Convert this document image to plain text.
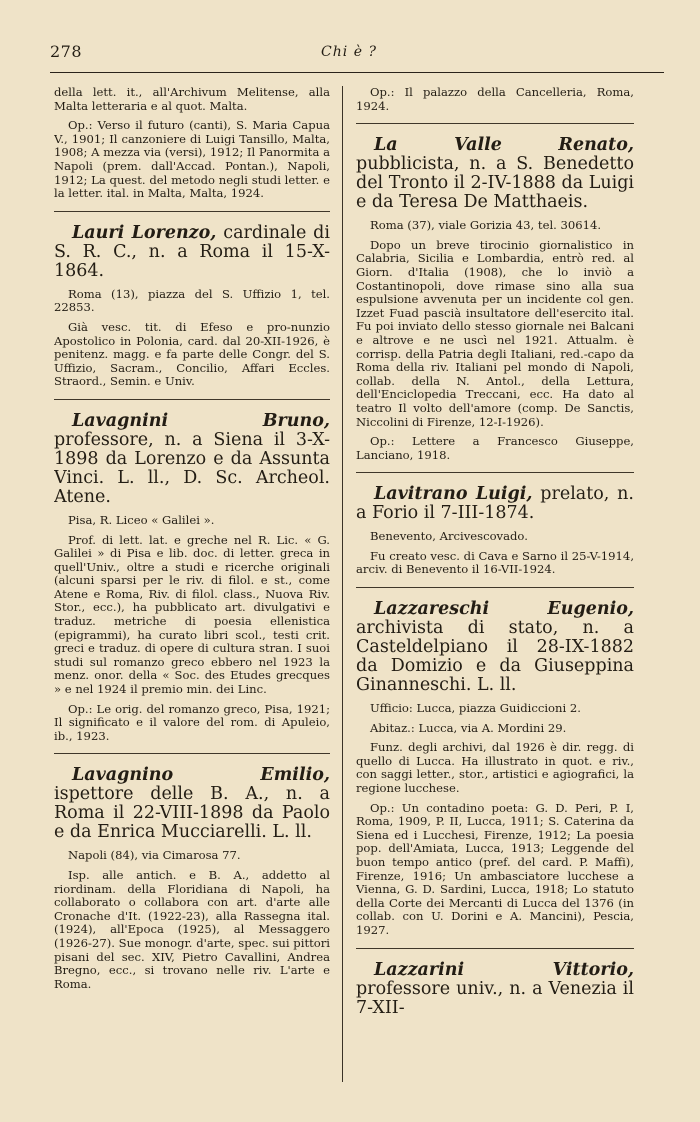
278	Chi è ?
della lett. it., all'Archivum Melitense, alla Malta letteraria e al quot. Malta.
Op.: Verso il futuro (canti), S. Maria Capua V., 1901; Il canzoniere di Luigi Tansillo, Malta, 1908; A mezza via (versi), 1912; Il Panormita a Napoli (prem. dall'Accad. Pontan.), Napoli, 1912; La quest. del metodo negli studi letter. e la letter. ital. in Malta, Malta, 1924.
Lauri Lorenzo, cardinale di S. R. C., n. a Roma il 15-X-1864.
Roma (13), piazza del S. Uffizio 1, tel. 22853.
Già vesc. tit. di Efeso e pro-nunzio Apostolico in Polonia, card. dal 20-XII-1926, è penitenz. magg. e fa parte delle Congr. del S. Uffizio, Sacram., Concilio, Affari Eccles. Straord., Semin. e Univ.
Lavagnini Bruno, professore, n. a Siena il 3-X-1898 da Lorenzo e da Assunta Vinci. L. ll., D. Sc. Archeol. Atene.
Pisa, R. Liceo « Galilei ».
Prof. di lett. lat. e greche nel R. Lic. « G. Galilei » di Pisa e lib. doc. di letter. greca in quell'Univ., oltre a studi e ricerche originali (alcuni sparsi per le riv. di filol. e st., come Atene e Roma, Riv. di filol. class., Nuova Riv. Stor., ecc.), ha pubblicato art. divulgativi e traduz. metriche di poesia ellenistica (epigrammi), ha curato libri scol., testi crit. greci e traduz. di opere di cultura stran. I suoi studi sul romanzo greco ebbero nel 1923 la menz. onor. della « Soc. des Etudes grecques » e nel 1924 il premio min. dei Linc.
Op.: Le orig. del romanzo greco, Pisa, 1921; Il significato e il valore del rom. di Apuleio, ib., 1923.
Lavagnino Emilio, ispettore delle B. A., n. a Roma il 22-VIII-1898 da Paolo e da Enrica Mucciarelli. L. ll.
Napoli (84), via Cimarosa 77.
Isp. alle antich. e B. A., addetto al riordinam. della Floridiana di Napoli, ha collaborato o collabora con art. d'arte alle Cronache d'It. (1922-23), alla Rassegna ital. (1924), all'Epoca (1925), al Messaggero (1926-27). Sue monogr. d'arte, spec. sui pittori pisani del sec. XIV, Pietro Cavallini, Andrea Bregno, ecc., si trovano nelle riv. L'arte e Roma.
Op.: Il palazzo della Cancelleria, Roma, 1924.
La Valle Renato, pubblicista, n. a S. Benedetto del Tronto il 2-IV-1888 da Luigi e da Teresa De Matthaeis.
Roma (37), viale Gorizia 43, tel. 30614.
Dopo un breve tirocinio giornalistico in Calabria, Sicilia e Lombardia, entrò red. al Giorn. d'Italia (1908), che lo inviò a Costantinopoli, dove rimase sino alla sua espulsione avvenuta per un incidente col gen. Izzet Fuad pascià insultatore dell'esercito ital. Fu poi inviato dello stesso giornale nei Balcani e altrove e ne uscì nel 1921. Attualm. è corrisp. della Patria degli Italiani, red.-capo da Roma della riv. Italiani pel mondo di Napoli, collab. della N. Antol., della Lettura, dell'Enciclopedia Treccani, ecc. Ha dato al teatro Il volto dell'amore (comp. De Sanctis, Niccolini di Firenze, 12-I-1926).
Op.: Lettere a Francesco Giuseppe, Lanciano, 1918.
Lavitrano Luigi, prelato, n. a Forio il 7-III-1874.
Benevento, Arcivescovado.
Fu creato vesc. di Cava e Sarno il 25-V-1914, arciv. di Benevento il 16-VII-1924.
Lazzareschi Eugenio, archivista di stato, n. a Casteldelpiano il 28-IX-1882 da Domizio e da Giuseppina Ginanneschi. L. ll.
Ufficio: Lucca, piazza Guidiccioni 2.
Abitaz.: Lucca, via A. Mordini 29.
Funz. degli archivi, dal 1926 è dir. regg. di quello di Lucca. Ha illustrato in quot. e riv., con saggi letter., stor., artistici e agiografici, la regione lucchese.
Op.: Un contadino poeta: G. D. Peri, P. I, Roma, 1909, P. II, Lucca, 1911; S. Caterina da Siena ed i Lucchesi, Firenze, 1912; La poesia pop. dell'Amiata, Lucca, 1913; Leggende del buon tempo antico (pref. del card. P. Maffi), Firenze, 1916; Un ambasciatore lucchese a Vienna, G. D. Sardini, Lucca, 1918; Lo statuto della Corte dei Mercanti di Lucca del 1376 (in collab. con U. Dorini e A. Mancini), Pescia, 1927.
Lazzarini Vittorio, professore univ., n. a Venezia il 7-XII-
